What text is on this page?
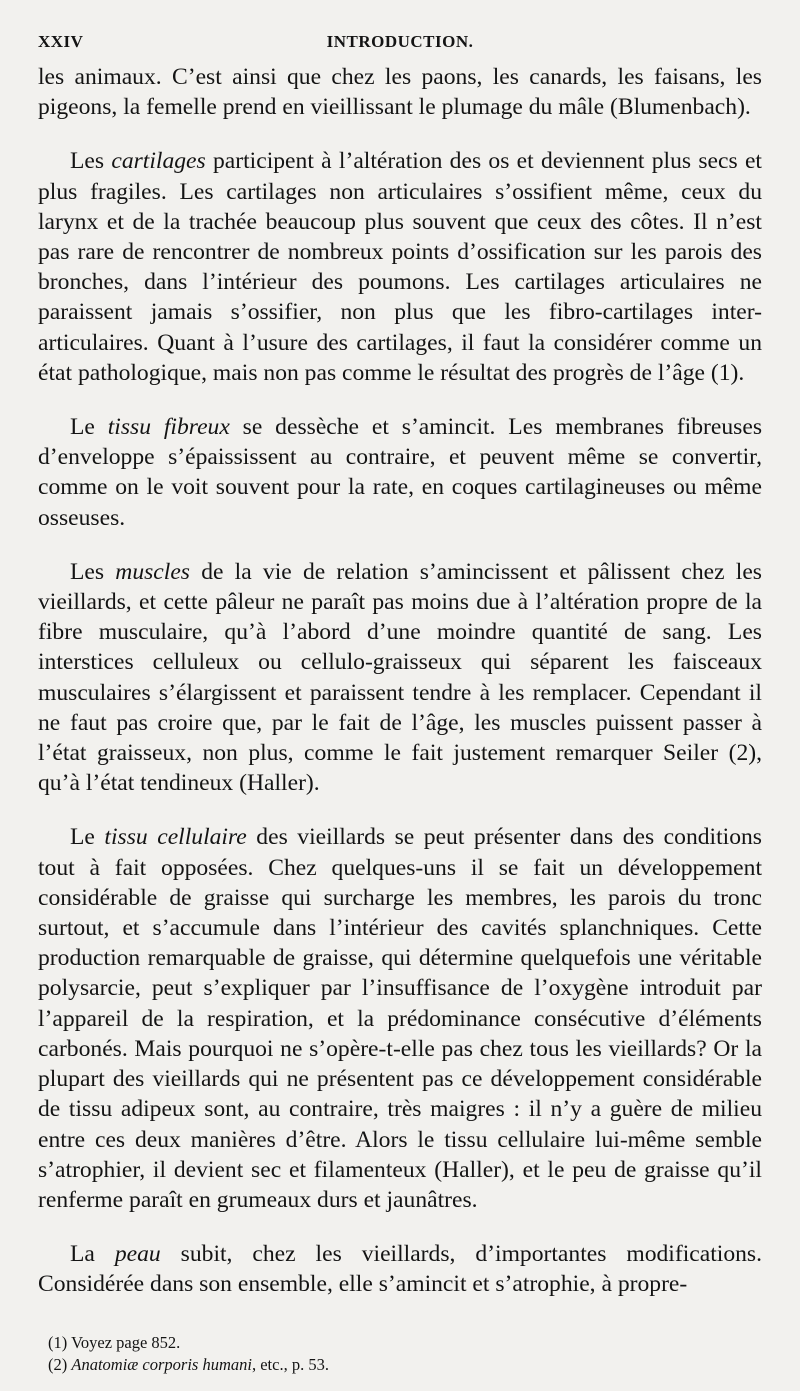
XXIV	INTRODUCTION.

les animaux. C’est ainsi que chez les paons, les canards, les faisans, les pigeons, la femelle prend en vieillissant le plumage du mâle (Blumenbach).

Les cartilages participent à l’altération des os et deviennent plus secs et plus fragiles. Les cartilages non articulaires s’ossifient même, ceux du larynx et de la trachée beaucoup plus souvent que ceux des côtes. Il n’est pas rare de rencontrer de nombreux points d’ossification sur les parois des bronches, dans l’intérieur des poumons. Les cartilages articulaires ne paraissent jamais s’ossifier, non plus que les fibro-cartilages inter-articulaires. Quant à l’usure des cartilages, il faut la considérer comme un état pathologique, mais non pas comme le résultat des progrès de l’âge (1).

Le tissu fibreux se dessèche et s’amincit. Les membranes fibreuses d’enveloppe s’épaississent au contraire, et peuvent même se convertir, comme on le voit souvent pour la rate, en coques cartilagineuses ou même osseuses.

Les muscles de la vie de relation s’amincissent et pâlissent chez les vieillards, et cette pâleur ne paraît pas moins due à l’altération propre de la fibre musculaire, qu’à l’abord d’une moindre quantité de sang. Les interstices celluleux ou cellulo-graisseux qui séparent les faisceaux musculaires s’élargissent et paraissent tendre à les remplacer. Cependant il ne faut pas croire que, par le fait de l’âge, les muscles puissent passer à l’état graisseux, non plus, comme le fait justement remarquer Seiler (2), qu’à l’état tendineux (Haller).

Le tissu cellulaire des vieillards se peut présenter dans des conditions tout à fait opposées. Chez quelques-uns il se fait un développement considérable de graisse qui surcharge les membres, les parois du tronc surtout, et s’accumule dans l’intérieur des cavités splanchniques. Cette production remarquable de graisse, qui détermine quelquefois une véritable polysarcie, peut s’expliquer par l’insuffisance de l’oxygène introduit par l’appareil de la respiration, et la prédominance consécutive d’éléments carbonés. Mais pourquoi ne s’opère-t-elle pas chez tous les vieillards? Or la plupart des vieillards qui ne présentent pas ce développement considérable de tissu adipeux sont, au contraire, très maigres : il n’y a guère de milieu entre ces deux manières d’être. Alors le tissu cellulaire lui-même semble s’atrophier, il devient sec et filamenteux (Haller), et le peu de graisse qu’il renferme paraît en grumeaux durs et jaunâtres.

La peau subit, chez les vieillards, d’importantes modifications. Considérée dans son ensemble, elle s’amincit et s’atrophie, à propre-

(1) Voyez page 852.
(2) Anatomiæ corporis humani, etc., p. 53.
